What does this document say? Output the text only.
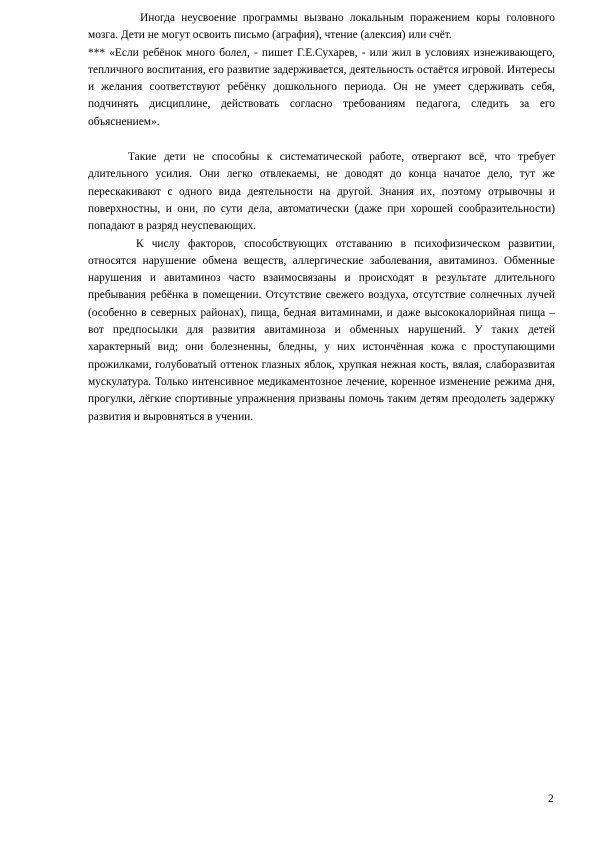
Иногда неусвоение программы вызвано локальным поражением коры головного мозга. Дети не могут освоить письмо (аграфия), чтение (алексия) или счёт.

*** «Если ребёнок много болел, - пишет Г.Е.Сухарев, - или жил в условиях изнеживающего, тепличного воспитания, его развитие задерживается, деятельность остаётся игровой. Интересы и желания соответствуют ребёнку дошкольного периода. Он не умеет сдерживать себя, подчинять дисциплине, действовать согласно требованиям педагога, следить за его объяснением».

Такие дети не способны к систематической работе, отвергают всё, что требует длительного усилия. Они легко отвлекаемы, не доводят до конца начатое дело, тут же перескакивают с одного вида деятельности на другой. Знания их, поэтому отрывочны и поверхностны, и они, по сути дела, автоматически (даже при хорошей сообразительности) попадают в разряд неуспевающих.

К числу факторов, способствующих отставанию в психофизическом развитии, относятся нарушение обмена веществ, аллергические заболевания, авитаминоз. Обменные нарушения и авитаминоз часто взаимосвязаны и происходят в результате длительного пребывания ребёнка в помещении. Отсутствие свежего воздуха, отсутствие солнечных лучей (особенно в северных районах), пища, бедная витаминами, и даже высококалорийная пища – вот предпосылки для развития авитаминоза и обменных нарушений. У таких детей характерный вид; они болезненны, бледны, у них истончённая кожа с проступающими прожилками, голубоватый оттенок глазных яблок, хрупкая нежная кость, вялая, слаборазвитая мускулатура. Только интенсивное медикаментозное лечение, коренное изменение режима дня, прогулки, лёгкие спортивные упражнения призваны помочь таким детям преодолеть задержку развития и выровняться в учении.

2
